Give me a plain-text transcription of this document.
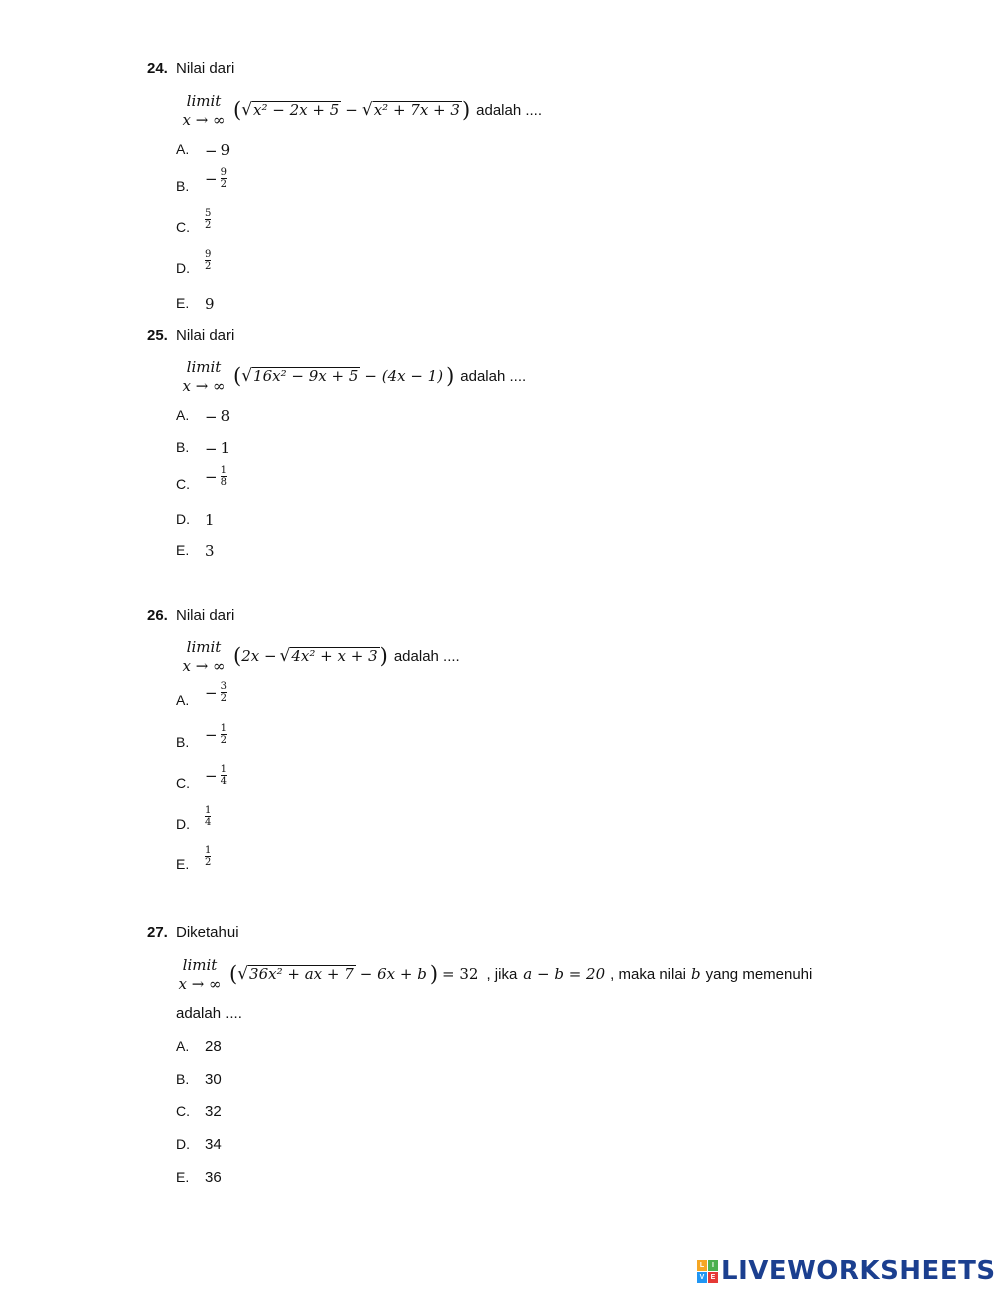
24. Nilai dari
limit
x → ∞ ( √ x² − 2x + 5 − √ x² + 7x + 3 ) adalah ....
A. − 9
B. − $\frac{9}{2}$
C. $\frac{5}{2}$
D. $\frac{9}{2}$
E. 9
25. Nilai dari
limit
x → ∞ ( √ 16x² − 9x + 5 − (4x − 1) ) adalah ....
A. − 8
B. − 1
C. − $\frac{1}{8}$
D. 1
E. 3
26. Nilai dari
limit
x → ∞ ( 2x − √ 4x² + x + 3 ) adalah ....
A. − $\frac{3}{2}$
B. − $\frac{1}{2}$
C. − $\frac{1}{4}$
D. $\frac{1}{4}$
E. $\frac{1}{2}$
27. Diketahui
limit
x → ∞ ( √ 36x² + ax + 7 − 6x + b ) = 32 , jika a − b = 20 , maka nilai b yang memenuhi
adalah ....
A. 28
B. 30
C. 32
D. 34
E. 36
L	I
V E LIVEWORKSHEETS
